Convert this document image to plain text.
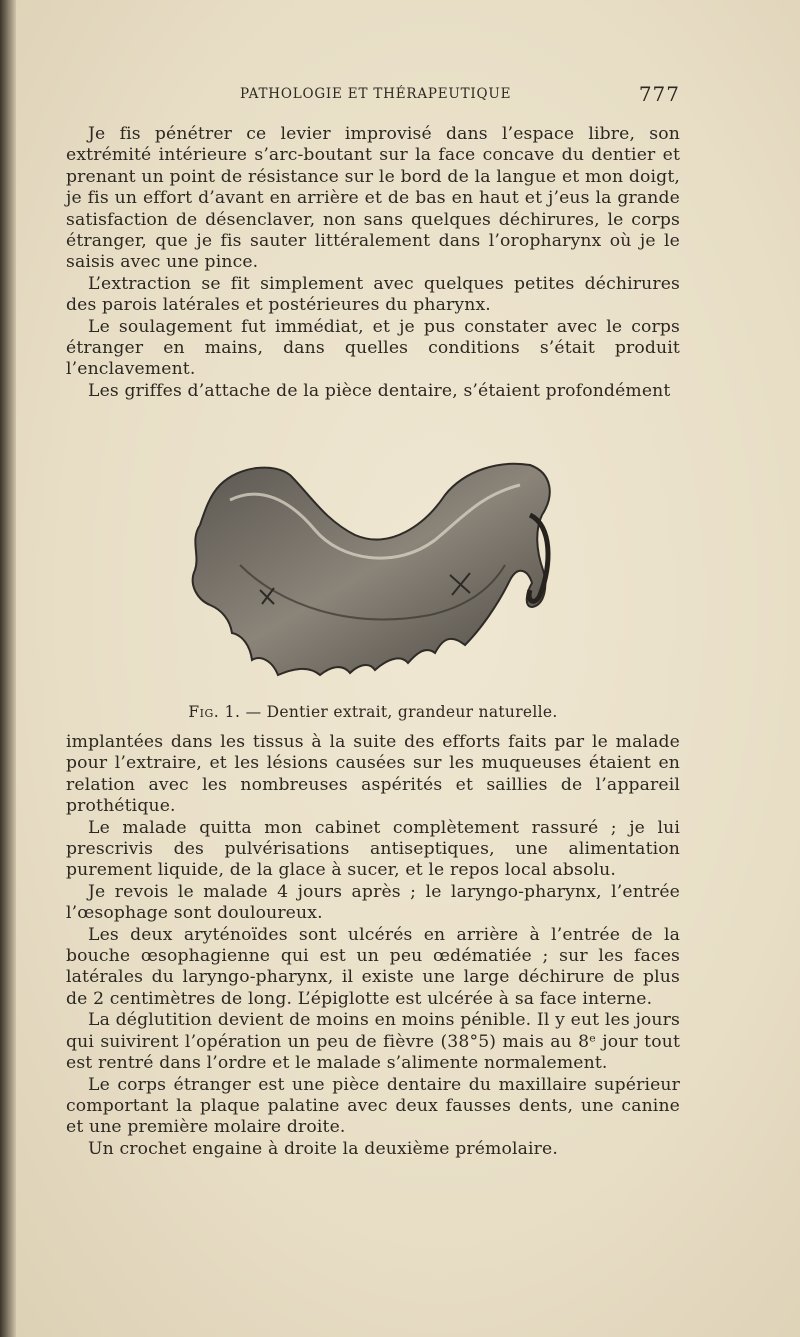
PATHOLOGIE ET THÉRAPEUTIQUE	777

Je fis pénétrer ce levier improvisé dans l’espace libre, son extrémité intérieure s’arc-boutant sur la face concave du dentier et prenant un point de résistance sur le bord de la langue et mon doigt, je fis un effort d’avant en arrière et de bas en haut et j’eus la grande satisfaction de désenclaver, non sans quelques déchirures, le corps étranger, que je fis sauter littéralement dans l’oropharynx où je le saisis avec une pince.

L’extraction se fit simplement avec quelques petites déchirures des parois latérales et postérieures du pharynx.

Le soulagement fut immédiat, et je pus constater avec le corps étranger en mains, dans quelles conditions s’était produit l’enclavement.

Les griffes d’attache de la pièce dentaire, s’étaient profondément

Fig. 1. — Dentier extrait, grandeur naturelle.

implantées dans les tissus à la suite des efforts faits par le malade pour l’extraire, et les lésions causées sur les muqueuses étaient en relation avec les nombreuses aspérités et saillies de l’appareil prothétique.

Le malade quitta mon cabinet complètement rassuré ; je lui prescrivis des pulvérisations antiseptiques, une alimentation purement liquide, de la glace à sucer, et le repos local absolu.

Je revois le malade 4 jours après ; le laryngo-pharynx, l’entrée l’œsophage sont douloureux.

Les deux aryténoïdes sont ulcérés en arrière à l’entrée de la bouche œsophagienne qui est un peu œdématiée ; sur les faces latérales du laryngo-pharynx, il existe une large déchirure de plus de 2 centimètres de long. L’épiglotte est ulcérée à sa face interne.

La déglutition devient de moins en moins pénible. Il y eut les jours qui suivirent l’opération un peu de fièvre (38°5) mais au 8ᵉ jour tout est rentré dans l’ordre et le malade s’alimente normalement.

Le corps étranger est une pièce dentaire du maxillaire supérieur comportant la plaque palatine avec deux fausses dents, une canine et une première molaire droite.

Un crochet engaine à droite la deuxième prémolaire.
